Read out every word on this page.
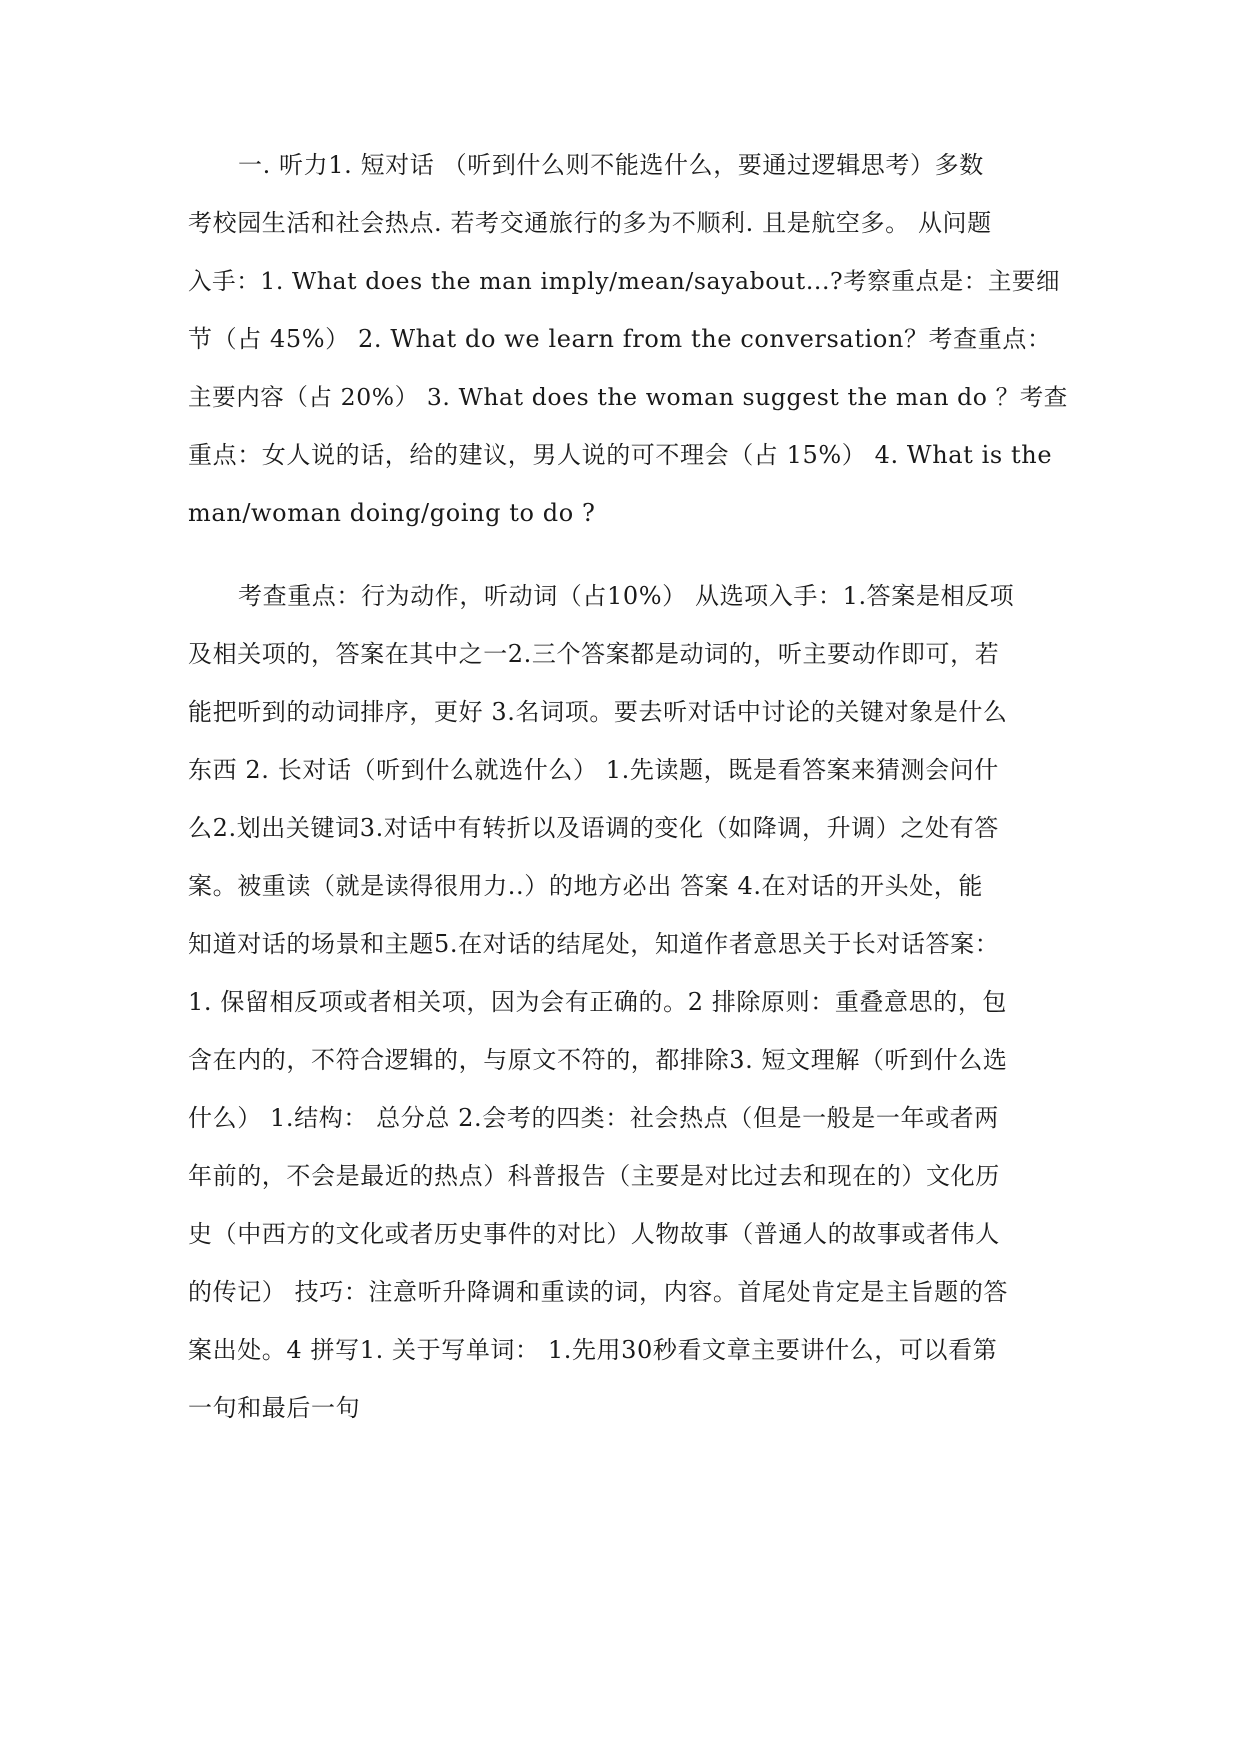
一. 听力1. 短对话 （听到什么则不能选什么，要通过逻辑思考）多数
考校园生活和社会热点. 若考交通旅行的多为不顺利. 且是航空多。 从问题
入手：1. What does the man imply/mean/sayabout...?考察重点是：主要细
节（占 45%） 2. What do we learn from the conversation？考查重点：
主要内容（占 20%） 3. What does the woman suggest the man do ？考查
重点：女人说的话，给的建议，男人说的可不理会（占 15%） 4. What is the
man/woman doing/going to do ?
考查重点：行为动作，听动词（占10%） 从选项入手：1.答案是相反项
及相关项的，答案在其中之一2.三个答案都是动词的，听主要动作即可，若
能把听到的动词排序，更好 3.名词项。要去听对话中讨论的关键对象是什么
东西 2. 长对话（听到什么就选什么） 1.先读题，既是看答案来猜测会问什
么2.划出关键词3.对话中有转折以及语调的变化（如降调，升调）之处有答
案。被重读（就是读得很用力..）的地方必出 答案 4.在对话的开头处，能
知道对话的场景和主题5.在对话的结尾处，知道作者意思关于长对话答案：
1. 保留相反项或者相关项，因为会有正确的。2 排除原则：重叠意思的，包
含在内的，不符合逻辑的，与原文不符的，都排除3. 短文理解（听到什么选
什么） 1.结构： 总分总 2.会考的四类：社会热点（但是一般是一年或者两
年前的，不会是最近的热点）科普报告（主要是对比过去和现在的）文化历
史（中西方的文化或者历史事件的对比）人物故事（普通人的故事或者伟人
的传记） 技巧：注意听升降调和重读的词，内容。首尾处肯定是主旨题的答
案出处。4 拼写1. 关于写单词： 1.先用30秒看文章主要讲什么，可以看第
一句和最后一句
